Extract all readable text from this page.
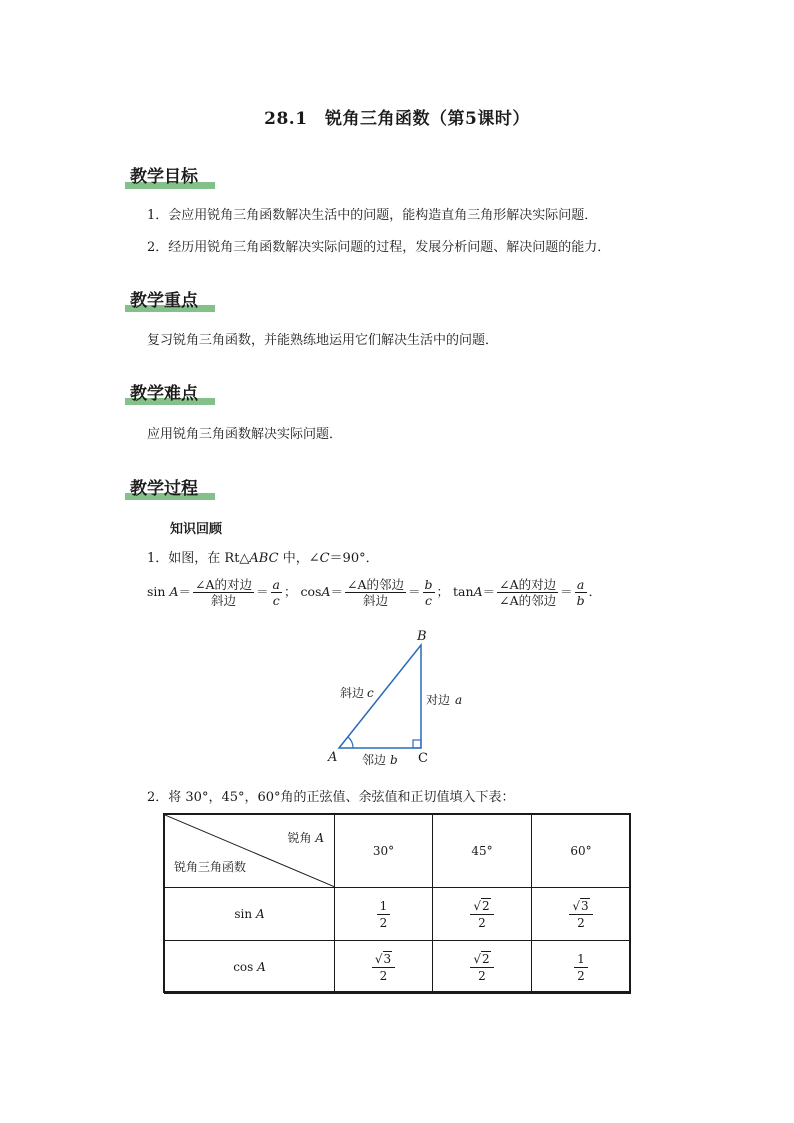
28.1　锐角三角函数（第5课时）
教学目标
1．会应用锐角三角函数解决生活中的问题，能构造直角三角形解决实际问题．
2．经历用锐角三角函数解决实际问题的过程，发展分析问题、解决问题的能力．
教学重点
复习锐角三角函数，并能熟练地运用它们解决生活中的问题．
教学难点
应用锐角三角函数解决实际问题．
教学过程
知识回顾
1．如图，在 Rt△ABC 中，∠C＝90°．
$\sin A= \frac{\text{∠A的对边}}{\text{斜边}} = \frac{a}{c}$ ； $\cos A= \frac{\text{∠A的邻边}}{\text{斜边}} = \frac{b}{c}$ ； $\tan A= \frac{\text{∠A的对边}}{\text{∠A的邻边}} = \frac{a}{b}$ ．
A
B
C
斜边 c	对边 a
邻边 b
2．将 30°，45°，60°角的正弦值、余弦值和正切值填入下表：
锐角 A
锐角三角函数	30°	45°	60°
sin A	$\frac{1}{2}$	$\frac{√2}{2}$	$\frac{√3}{2}$

cos A	$\frac{√3}{2}$	$\frac{√2}{2}$	$\frac{1}{2}$
